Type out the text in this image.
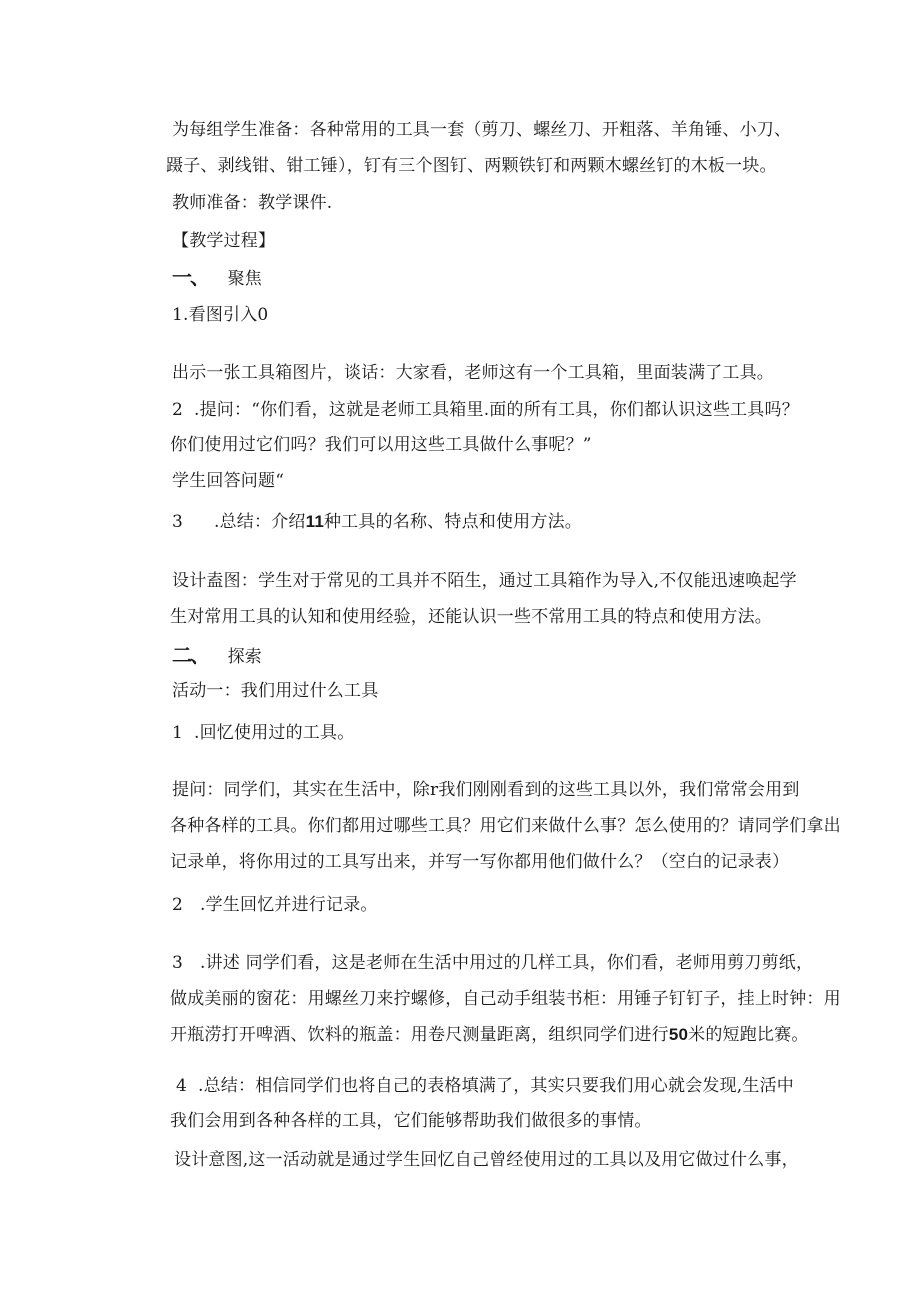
为每组学生准备：各种常用的工具一套（剪刀、螺丝刀、开粗落、羊角锤、小刀、
蹑子、剥线钳、钳工锤），钉有三个图钉、两颗铁钉和两颗木螺丝钉的木板一块。
教师准备：教学课件.
【教学过程】
一、 聚焦
1.看图引入0
出示一张工具箱图片，谈话：大家看，老师这有一个工具箱，里面装满了工具。
2 .提问：“你们看，这就是老师工具箱里.面的所有工具，你们都认识这些工具吗？
你们使用过它们吗？我们可以用这些工具做什么事呢？”
学生回答问题“
3 .总结：介绍11种工具的名称、特点和使用方法。
设计盍图：学生对于常见的工具并不陌生，通过工具箱作为导入,不仅能迅速唤起学
生对常用工具的认知和使用经验，还能认识一些不常用工具的特点和使用方法。
二、 探索
活动一：我们用过什么工具
1 .回忆使用过的工具。
提问：同学们，其实在生活中，除r我们刚刚看到的这些工具以外，我们常常会用到
各种各样的工具。你们都用过哪些工具？用它们来做什么事？怎么使用的？请同学们拿出
记录单，将你用过的工具写出来，并写一写你都用他们做什么？（空白的记录表）
2 .学生回忆并进行记录。
3 .讲述 同学们看，这是老师在生活中用过的几样工具，你们看，老师用剪刀剪纸，
做成美丽的窗花：用螺丝刀来拧螺修，自己动手组装书柜：用锤子钉钉子，挂上时钟：用
开瓶涝打开啤酒、饮料的瓶盖：用卷尺测量距离，组织同学们进行50米的短跑比赛。
4 .总结：相信同学们也将自己的表格填满了，其实只要我们用心就会发现,生活中
我们会用到各种各样的工具，它们能够帮助我们做很多的事情。
设计意图,这一活动就是通过学生回忆自己曾经使用过的工具以及用它做过什么事，
